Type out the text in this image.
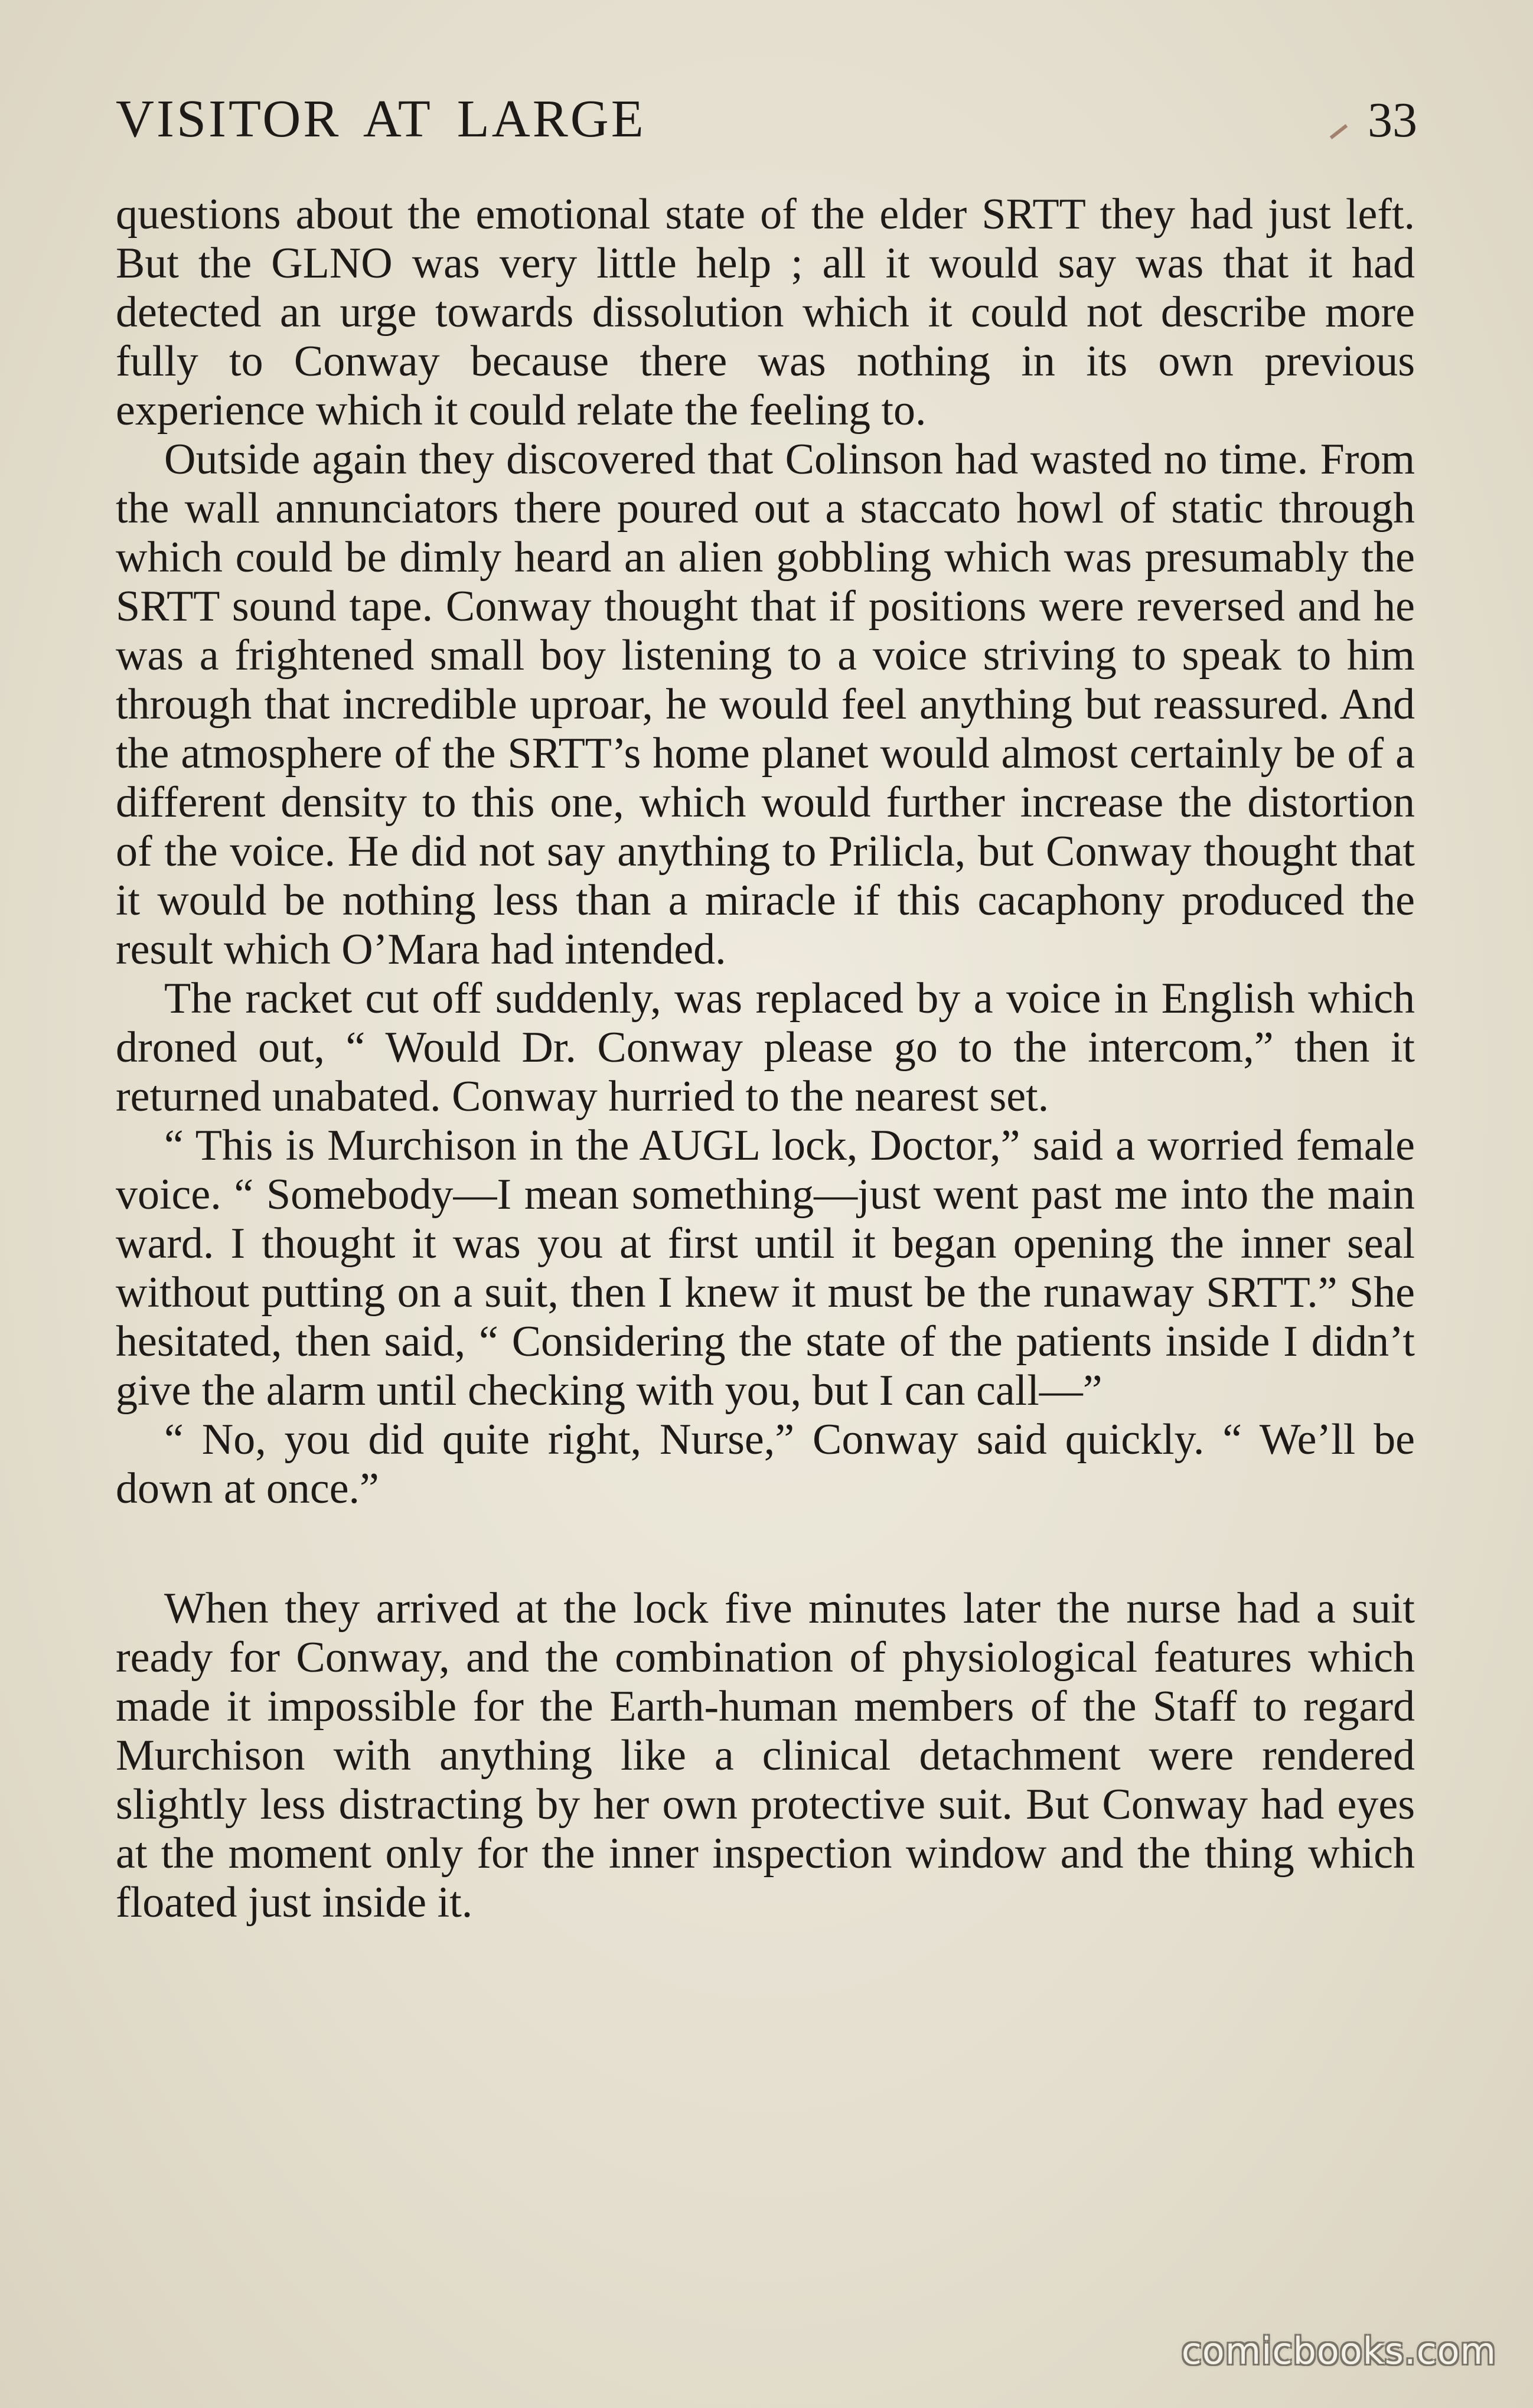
VISITOR AT LARGE	33

questions about the emotional state of the elder SRTT they had just left. But the GLNO was very little help ; all it would say was that it had detected an urge towards dissolution which it could not describe more fully to Conway because there was nothing in its own previous experience which it could relate the feeling to.

Outside again they discovered that Colinson had wasted no time. From the wall annunciators there poured out a staccato howl of static through which could be dimly heard an alien gobbling which was presumably the SRTT sound tape. Conway thought that if positions were reversed and he was a frightened small boy listening to a voice striving to speak to him through that incredible uproar, he would feel anything but reassured. And the atmosphere of the SRTT’s home planet would almost certainly be of a different density to this one, which would further increase the distortion of the voice. He did not say anything to Prilicla, but Conway thought that it would be nothing less than a miracle if this cacaphony produced the result which O’Mara had intended.

The racket cut off suddenly, was replaced by a voice in English which droned out, “ Would Dr. Conway please go to the intercom,” then it returned unabated. Conway hurried to the nearest set.

“ This is Murchison in the AUGL lock, Doctor,” said a worried female voice. “ Somebody—I mean something—just went past me into the main ward. I thought it was you at first until it began opening the inner seal without putting on a suit, then I knew it must be the runaway SRTT.” She hesitated, then said, “ Considering the state of the patients inside I didn’t give the alarm until checking with you, but I can call—”

“ No, you did quite right, Nurse,” Conway said quickly. “ We’ll be down at once.”

When they arrived at the lock five minutes later the nurse had a suit ready for Conway, and the combination of physiological features which made it impossible for the Earth-human members of the Staff to regard Murchison with anything like a clinical detachment were rendered slightly less distracting by her own protective suit. But Conway had eyes at the moment only for the inner inspection window and the thing which floated just inside it.

comicbooks.com
